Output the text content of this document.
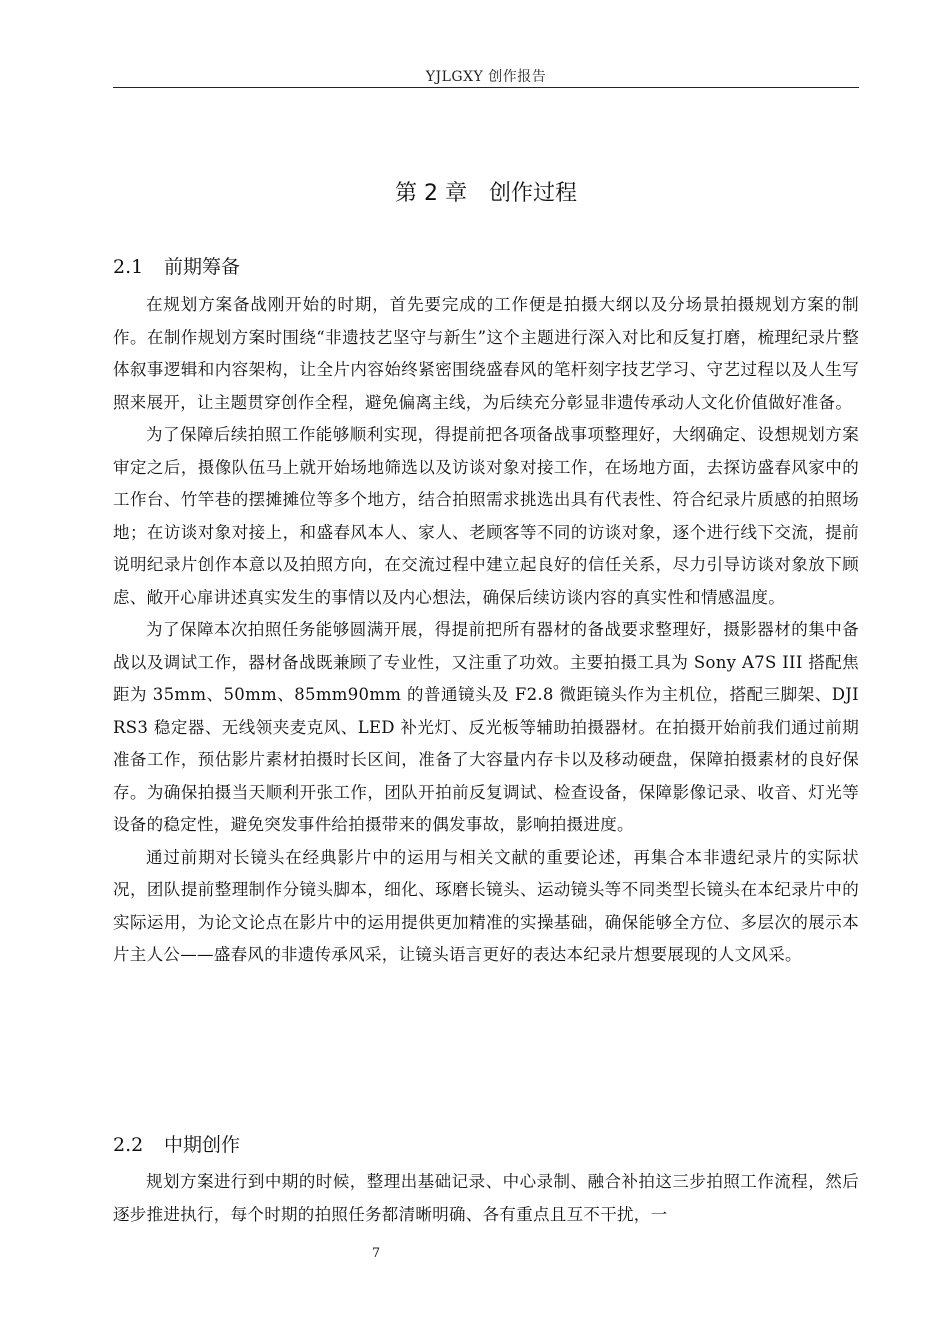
YJLGXY 创作报告
第 2 章 创作过程
2.1 前期筹备

在规划方案备战刚开始的时期，首先要完成的工作便是拍摄大纲以及分场景拍摄规划方案的制作。在制作规划方案时围绕“非遗技艺坚守与新生”这个主题进行深入对比和反复打磨，梳理纪录片整体叙事逻辑和内容架构，让全片内容始终紧密围绕盛春风的笔杆刻字技艺学习、守艺过程以及人生写照来展开，让主题贯穿创作全程，避免偏离主线，为后续充分彰显非遗传承动人文化价值做好准备。

为了保障后续拍照工作能够顺利实现，得提前把各项备战事项整理好，大纲确定、设想规划方案审定之后，摄像队伍马上就开始场地筛选以及访谈对象对接工作，在场地方面，去探访盛春风家中的工作台、竹竿巷的摆摊摊位等多个地方，结合拍照需求挑选出具有代表性、符合纪录片质感的拍照场地；在访谈对象对接上，和盛春风本人、家人、老顾客等不同的访谈对象，逐个进行线下交流，提前说明纪录片创作本意以及拍照方向，在交流过程中建立起良好的信任关系，尽力引导访谈对象放下顾虑、敞开心扉讲述真实发生的事情以及内心想法，确保后续访谈内容的真实性和情感温度。

为了保障本次拍照任务能够圆满开展，得提前把所有器材的备战要求整理好，摄影器材的集中备战以及调试工作，器材备战既兼顾了专业性，又注重了功效。主要拍摄工具为 Sony A7S III 搭配焦距为 35mm、50mm、85mm90mm 的普通镜头及 F2.8 微距镜头作为主机位，搭配三脚架、DJI RS3 稳定器、无线领夹麦克风、LED 补光灯、反光板等辅助拍摄器材。在拍摄开始前我们通过前期准备工作，预估影片素材拍摄时长区间，准备了大容量内存卡以及移动硬盘，保障拍摄素材的良好保存。为确保拍摄当天顺利开张工作，团队开拍前反复调试、检查设备，保障影像记录、收音、灯光等设备的稳定性，避免突发事件给拍摄带来的偶发事故，影响拍摄进度。

通过前期对长镜头在经典影片中的运用与相关文献的重要论述，再集合本非遗纪录片的实际状况，团队提前整理制作分镜头脚本，细化、琢磨长镜头、运动镜头等不同类型长镜头在本纪录片中的实际运用，为论文论点在影片中的运用提供更加精准的实操基础，确保能够全方位、多层次的展示本片主人公——盛春风的非遗传承风采，让镜头语言更好的表达本纪录片想要展现的人文风采。

2.2 中期创作

规划方案进行到中期的时候，整理出基础记录、中心录制、融合补拍这三步拍照工作流程，然后逐步推进执行，每个时期的拍照任务都清晰明确、各有重点且互不干扰，一

7
